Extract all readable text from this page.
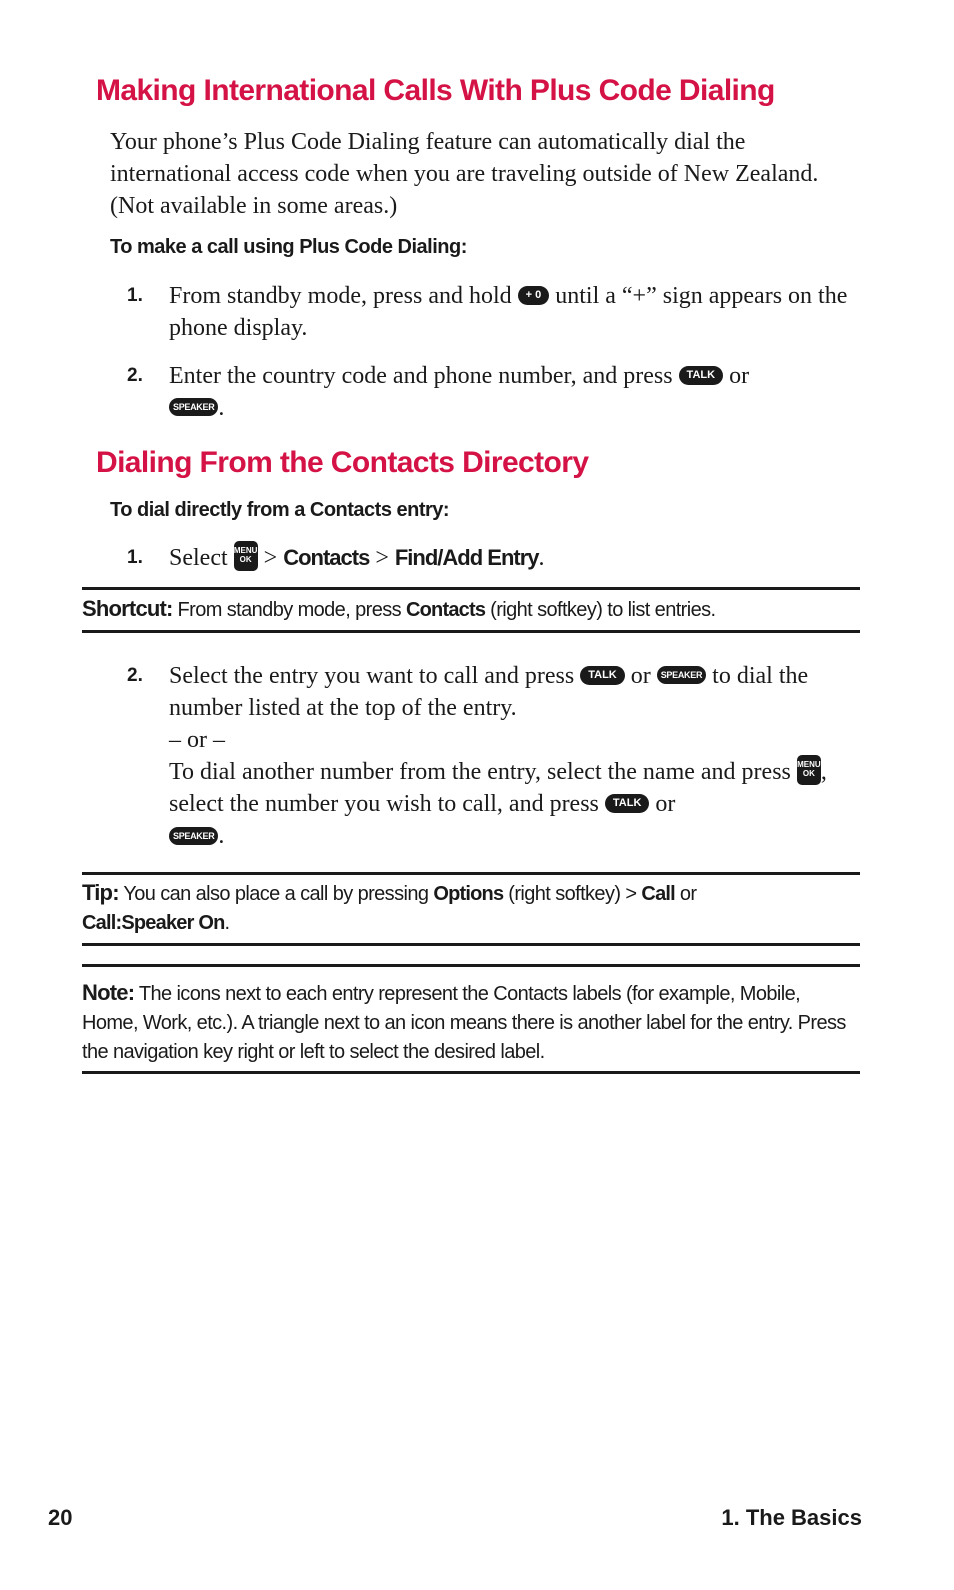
Making International Calls With Plus Code Dialing

Your phone’s Plus Code Dialing feature can automatically dial the international access code when you are traveling outside of New Zealand. (Not available in some areas.)

To make a call using Plus Code Dialing:

1. From standby mode, press and hold + 0 until a “+” sign appears on the phone display.
2. Enter the country code and phone number, and press TALK or
SPEAKER .
Dialing From the Contacts Directory

To dial directly from a Contacts entry:

1. Select MENU
OK > Contacts > Find/Add Entry.

Shortcut: From standby mode, press Contacts (right softkey) to list entries.

2. Select the entry you want to call and press TALK or SPEAKER to dial the number listed at the top of the entry.
– or –
To dial another number from the entry, select the name and press MENU
OK , select the number you wish to call, and press TALK or
SPEAKER .

Tip: You can also place a call by pressing Options (right softkey) > Call or
Call:Speaker On.

Note: The icons next to each entry represent the Contacts labels (for example, Mobile, Home, Work, etc.). A triangle next to an icon means there is another label for the entry. Press the navigation key right or left to select the desired label.

20	1. The Basics
